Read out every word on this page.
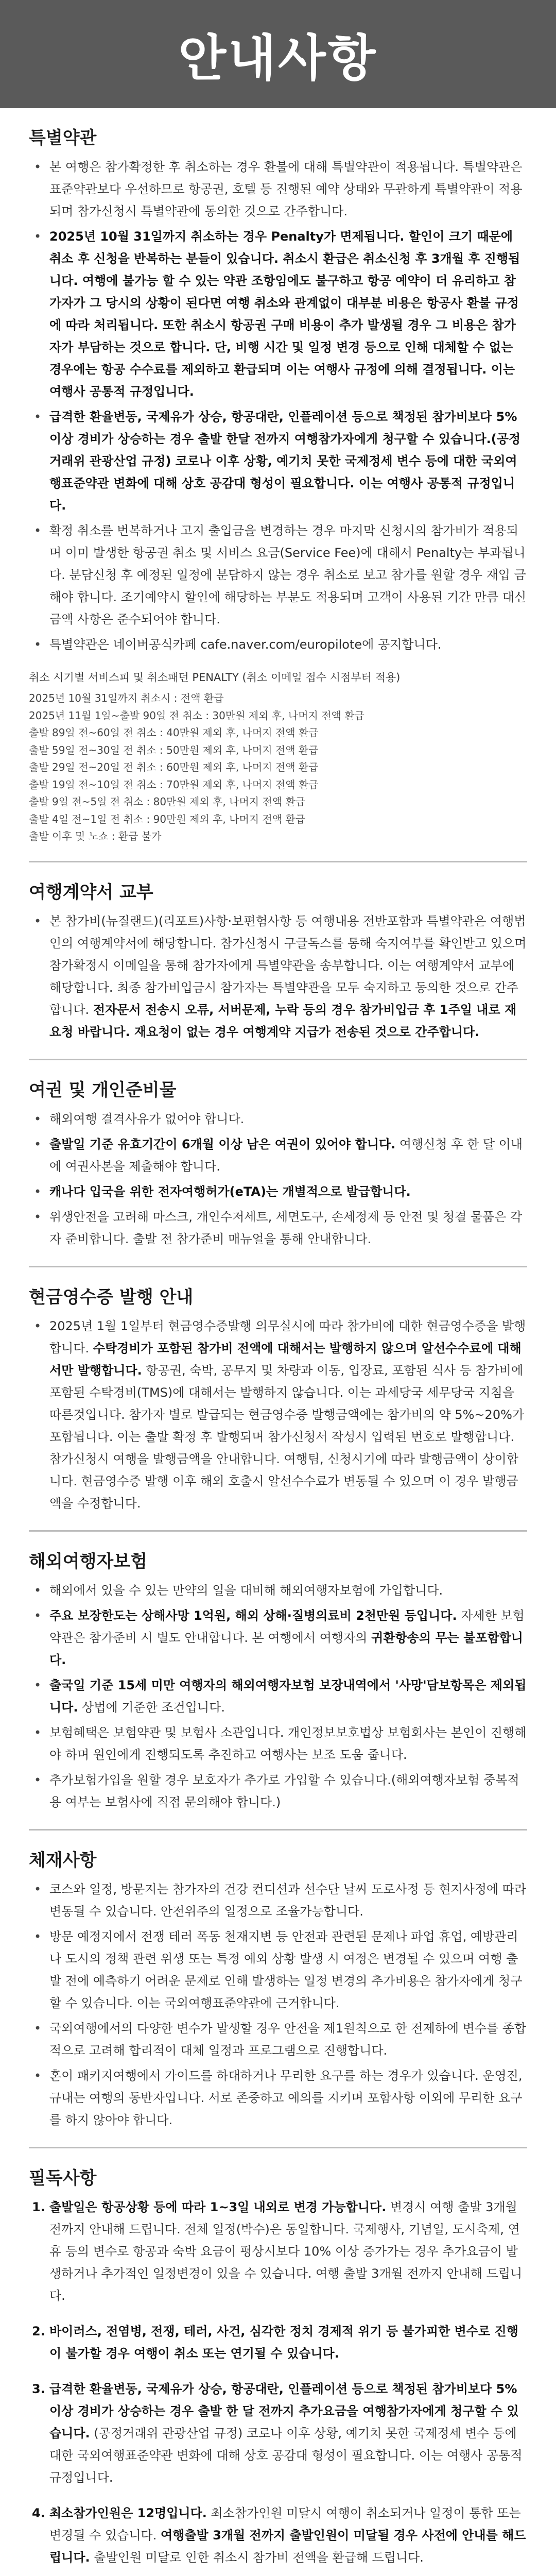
안내사항
특별약관
• 본 여행은 참가확정한 후 취소하는 경우 환불에 대해 특별약관이 적용됩니다. 특별약관은 표준약관보다 우선하므로 항공권, 호텔 등 진행된 예약 상태와 무관하게 특별약관이 적용되며 참가신청시 특별약관에 동의한 것으로 간주합니다.
• 2025년 10월 31일까지 취소하는 경우 Penalty가 면제됩니다. 할인이 크기 때문에 취소 후 신청을 반복하는 분들이 있습니다. 취소시 환급은 취소신청 후 3개월 후 진행됩니다. 여행에 불가능 할 수 있는 약관 조항임에도 불구하고 항공 예약이 더 유리하고 참가자가 그 당시의 상황이 된다면 여행 취소와 관계없이 대부분 비용은 항공사 환불 규정에 따라 처리됩니다. 또한 취소시 항공권 구매 비용이 추가 발생될 경우 그 비용은 참가자가 부담하는 것으로 합니다. 단, 비행 시간 및 일정 변경 등으로 인해 대체할 수 없는 경우에는 항공 수수료를 제외하고 환급되며 이는 여행사 규정에 의해 결정됩니다. 이는 여행사 공통적 규정입니다.
• 급격한 환율변동, 국제유가 상승, 항공대란, 인플레이션 등으로 책정된 참가비보다 5% 이상 경비가 상승하는 경우 출발 한달 전까지 여행참가자에게 청구할 수 있습니다.(공정거래위 관광산업 규정) 코로나 이후 상황, 예기치 못한 국제정세 변수 등에 대한 국외여행표준약관 변화에 대해 상호 공감대 형성이 필요합니다. 이는 여행사 공통적 규정입니다.
• 확정 취소를 번복하거나 고지 출입금을 변경하는 경우 마지막 신청시의 참가비가 적용되며 이미 발생한 항공권 취소 및 서비스 요금(Service Fee)에 대해서 Penalty는 부과됩니다. 분담신청 후 예정된 일정에 분담하지 않는 경우 취소로 보고 참가를 원할 경우 재입 금해야 합니다. 조기예약시 할인에 해당하는 부분도 적용되며 고객이 사용된 기간 만큼 대신 금액 사항은 준수되어야 합니다.
• 특별약관은 네이버공식카페 cafe.naver.com/europilote에 공지합니다.
취소 시기별 서비스피 및 취소패던 PENALTY (취소 이메일 접수 시점부터 적용)

2025년 10월 31일까지 취소시 : 전액 환급

2025년 11월 1일~출발 90일 전 취소 : 30만원 제외 후, 나머지 전액 환급

출발 89일 전~60일 전 취소 : 40만원 제외 후, 나머지 전액 환급

출발 59일 전~30일 전 취소 : 50만원 제외 후, 나머지 전액 환급

출발 29일 전~20일 전 취소 : 60만원 제외 후, 나머지 전액 환급

출발 19일 전~10일 전 취소 : 70만원 제외 후, 나머지 전액 환급

출발 9일 전~5일 전 취소 : 80만원 제외 후, 나머지 전액 환급

출발 4일 전~1일 전 취소 : 90만원 제외 후, 나머지 전액 환급

출발 이후 및 노쇼 : 환급 불가

여행계약서 교부
• 본 참가비(뉴질랜드)(리포트)사항·보편험사항 등 여행내용 전반포함과 특별약관은 여행법인의 여행계약서에 해당합니다. 참가신청시 구글독스를 통해 숙지여부를 확인받고 있으며 참가확정시 이메일을 통해 참가자에게 특별약관을 송부합니다. 이는 여행계약서 교부에 해당합니다. 최종 참가비입금시 참가자는 특별약관을 모두 숙지하고 동의한 것으로 간주합니다. 전자문서 전송시 오류, 서버문제, 누락 등의 경우 참가비입금 후 1주일 내로 재요청 바랍니다. 재요청이 없는 경우 여행계약 지급가 전송된 것으로 간주합니다.
여권 및 개인준비물
• 해외여행 결격사유가 없어야 합니다.
• 출발일 기준 유효기간이 6개월 이상 남은 여권이 있어야 합니다. 여행신청 후 한 달 이내에 여권사본을 제출해야 합니다.
• 캐나다 입국을 위한 전자여행허가(eTA)는 개별적으로 발급합니다.
• 위생안전을 고려해 마스크, 개인수저세트, 세면도구, 손세정제 등 안전 및 청결 물품은 각자 준비합니다. 출발 전 참가준비 매뉴얼을 통해 안내합니다.
현금영수증 발행 안내
• 2025년 1월 1일부터 현금영수증발행 의무실시에 따라 참가비에 대한 현금영수증을 발행합니다. 수탁경비가 포함된 참가비 전액에 대해서는 발행하지 않으며 알선수수료에 대해서만 발행합니다. 항공권, 숙박, 공무지 및 차량과 이동, 입장료, 포함된 식사 등 참가비에 포함된 수탁경비(TMS)에 대해서는 발행하지 않습니다. 이는 과세당국 세무당국 지침을 따른것입니다. 참가자 별로 발급되는 현금영수증 발행금액에는 참가비의 약 5%~20%가 포함됩니다. 이는 출발 확정 후 발행되며 참가신청서 작성시 입력된 번호로 발행합니다. 참가신청시 여행을 발행금액을 안내합니다. 여행팀, 신청시기에 따라 발행금액이 상이합니다. 현금영수증 발행 이후 해외 호출시 알선수수료가 변동될 수 있으며 이 경우 발행금액을 수정합니다.
해외여행자보험
• 해외에서 있을 수 있는 만약의 일을 대비해 해외여행자보험에 가입합니다.
• 주요 보장한도는 상해사망 1억원, 해외 상해·질병의료비 2천만원 등입니다. 자세한 보험약관은 참가준비 시 별도 안내합니다. 본 여행에서 여행자의 귀환항송의 무는 불포함합니다.
• 출국일 기준 15세 미만 여행자의 해외여행자보험 보장내역에서 '사망'담보항목은 제외됩니다. 상법에 기준한 조건입니다.
• 보험혜택은 보험약관 및 보험사 소관입니다. 개인정보보호법상 보험회사는 본인이 진행해야 하며 원인에게 진행되도록 추진하고 여행사는 보조 도움 줍니다.
• 추가보험가입을 원할 경우 보호자가 추가로 가입할 수 있습니다.(해외여행자보험 중복적용 여부는 보험사에 직접 문의해야 합니다.)
체재사항
• 코스와 일정, 방문지는 참가자의 건강 컨디션과 선수단 날씨 도로사정 등 현지사정에 따라 변동될 수 있습니다. 안전위주의 일정으로 조율가능합니다.
• 방문 예정지에서 전쟁 테러 폭동 천재지변 등 안전과 관련된 문제나 파업 휴업, 예방관리나 도시의 정책 관련 위생 또는 특정 예외 상황 발생 시 여정은 변경될 수 있으며 여행 출발 전에 예측하기 어려운 문제로 인해 발생하는 일정 변경의 추가비용은 참가자에게 청구할 수 있습니다. 이는 국외여행표준약관에 근거합니다.
• 국외여행에서의 다양한 변수가 발생할 경우 안전을 제1원칙으로 한 전제하에 변수를 종합적으로 고려해 합리적이 대체 일정과 프로그램으로 진행합니다.
• 혼이 패키지여행에서 가이드를 하대하거나 무리한 요구를 하는 경우가 있습니다. 운영진, 규내는 여행의 동반자입니다. 서로 존중하고 예의를 지키며 포함사항 이외에 무리한 요구를 하지 않아야 합니다.
필독사항
1. 출발일은 항공상황 등에 따라 1~3일 내외로 변경 가능합니다. 변경시 여행 출발 3개월 전까지 안내해 드립니다. 전체 일정(박수)은 동일합니다. 국제행사, 기념일, 도시축제, 연휴 등의 변수로 항공과 숙박 요금이 평상시보다 10% 이상 증가가는 경우 추가요금이 발생하거나 추가적인 일정변경이 있을 수 있습니다. 여행 출발 3개월 전까지 안내해 드립니다.
2. 바이러스, 전염병, 전쟁, 테러, 사건, 심각한 정치 경제적 위기 등 불가피한 변수로 진행이 불가할 경우 여행이 취소 또는 연기될 수 있습니다.
3. 급격한 환율변동, 국제유가 상승, 항공대란, 인플레이션 등으로 책정된 참가비보다 5% 이상 경비가 상승하는 경우 출발 한 달 전까지 추가요금을 여행참가자에게 청구할 수 있습니다. (공정거래위 관광산업 규정) 코로나 이후 상황, 예기치 못한 국제정세 변수 등에 대한 국외여행표준약관 변화에 대해 상호 공감대 형성이 필요합니다. 이는 여행사 공통적 규정입니다.
4. 최소참가인원은 12명입니다. 최소참가인원 미달시 여행이 취소되거나 일정이 통합 또는 변경될 수 있습니다. 여행출발 3개월 전까지 출발인원이 미달될 경우 사전에 안내를 해드립니다. 출발인원 미달로 인한 취소시 참가비 전액을 환급해 드립니다.
